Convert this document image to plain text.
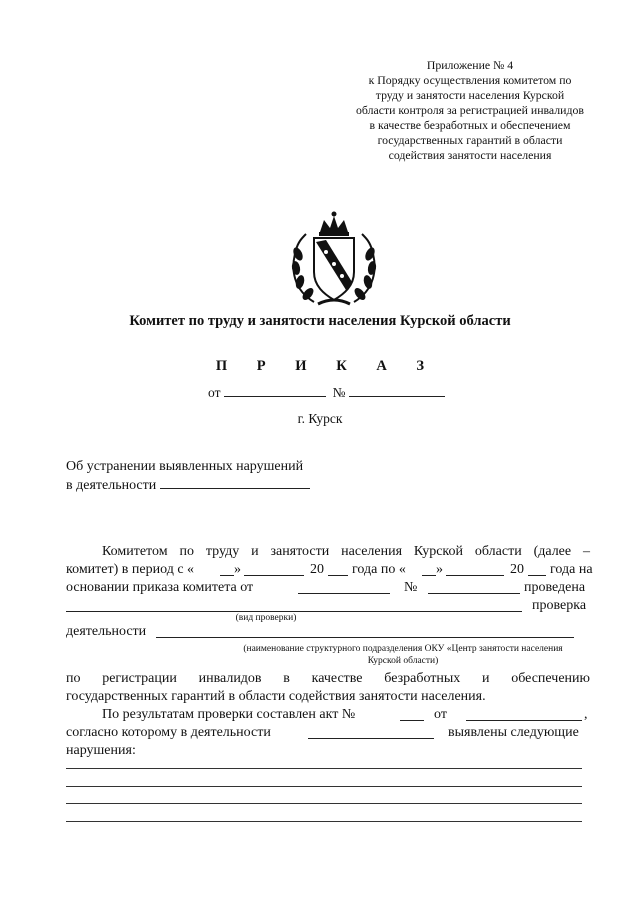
Приложение № 4
к Порядку осуществления комитетом по
труду и занятости населения Курской
области контроля за регистрацией инвалидов
в качестве безработных и обеспечением
государственных гарантий в области
содействия занятости населения
Комитет по труду и занятости населения Курской области
П Р И К А З
от	№
г. Курск
Об устранении выявленных нарушений
в деятельности
Комитетом по труду и занятости населения Курской области (далее –
комитет) в период с «	»	20 года по « »	20 года на
основании приказа комитета от	№	проведена
проверка
(вид проверки)
деятельности
(наименование структурного подразделения ОКУ «Центр занятости населения Курской области)
по регистрации инвалидов в качестве безработных и обеспечению
государственных гарантий в области содействия занятости населения.
По результатам проверки составлен акт №	от	,
согласно которому в деятельности	выявлены следующие
нарушения:
